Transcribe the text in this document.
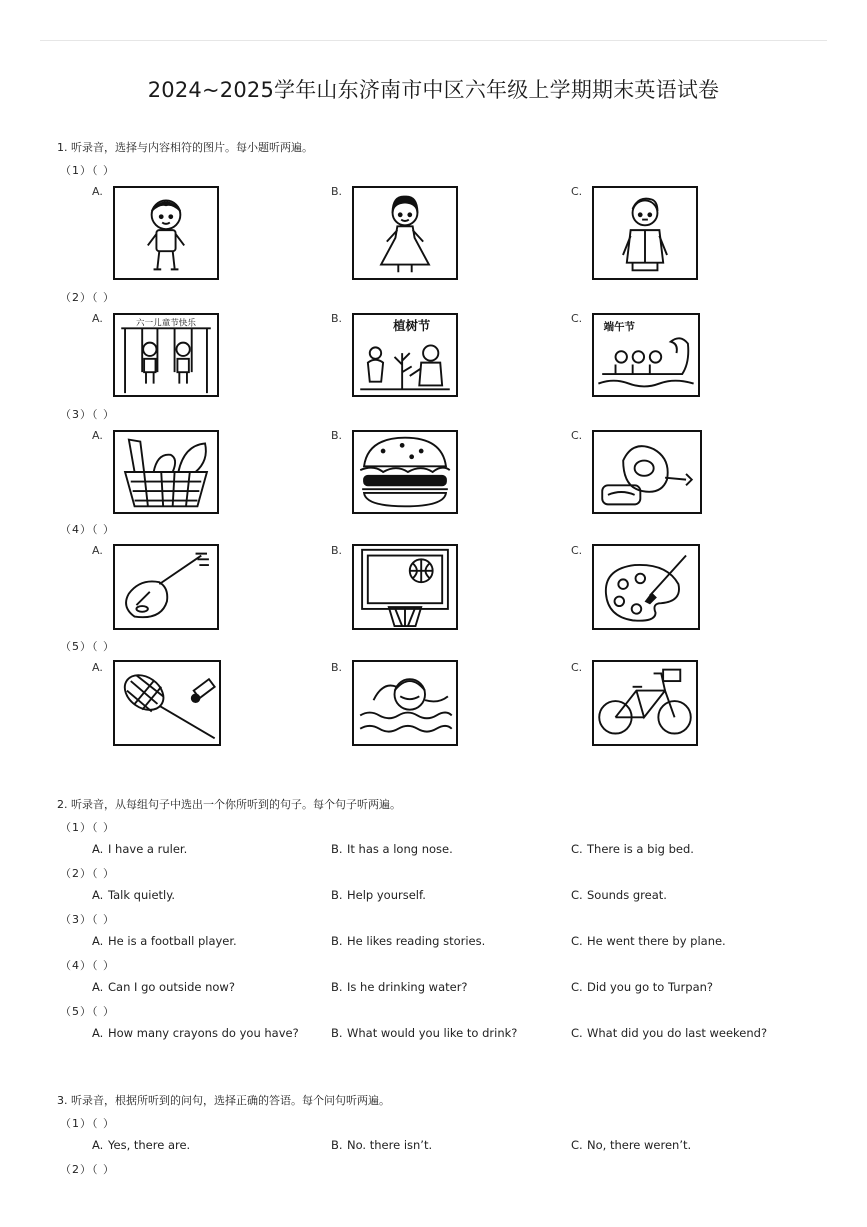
2024~2025学年山东济南市中区六年级上学期期末英语试卷
1. 听录音，选择与内容相符的图片。每小题听两遍。
（1）（ ）
A.	B.	C.
（2）（ ）
A.	六一儿童节快乐	B.
植树节
C.
端午节
（3）（ ）
A.	B.	C.
（4）（ ）
A.	B.	C.
（5）（ ）
A.	B.	C.
2. 听录音，从每组句子中选出一个你所听到的句子。每个句子听两遍。
（1）（ ）
A. I have a ruler.	B. It has a long nose.	C. There is a big bed.
（2）（ ）
A. Talk quietly.	B. Help yourself.	C. Sounds great.
（3）（ ）
A. He is a football player.	B. He likes reading stories.	C. He went there by plane.
（4）（ ）
A. Can I go outside now?	B. Is he drinking water?	C. Did you go to Turpan?
（5）（ ）
A. How many crayons do you have?	B. What would you like to drink?	C. What did you do last weekend?
3. 听录音，根据所听到的问句，选择正确的答语。每个问句听两遍。
（1）（ ）
A. Yes, there are.	B. No. there isn’t.	C. No, there weren’t.
（2）（ ）
